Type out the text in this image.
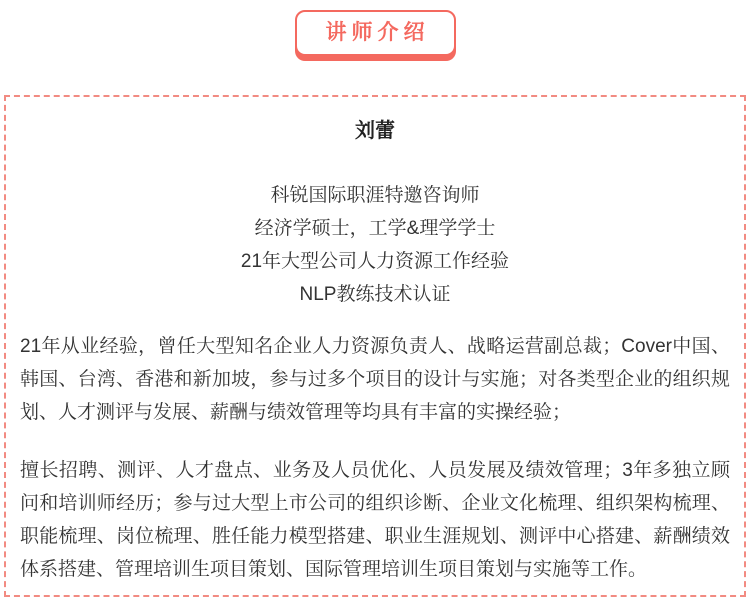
讲师介绍
刘蕾
科锐国际职涯特邀咨询师
经济学硕士，工学&理学学士
21年大型公司人力资源工作经验
NLP教练技术认证

21年从业经验，曾任大型知名企业人力资源负责人、战略运营副总裁；Cover中国、韩国、台湾、香港和新加坡，参与过多个项目的设计与实施；对各类型企业的组织规划、人才测评与发展、薪酬与绩效管理等均具有丰富的实操经验；

擅长招聘、测评、人才盘点、业务及人员优化、人员发展及绩效管理；3年多独立顾问和培训师经历；参与过大型上市公司的组织诊断、企业文化梳理、组织架构梳理、职能梳理、岗位梳理、胜任能力模型搭建、职业生涯规划、测评中心搭建、薪酬绩效体系搭建、管理培训生项目策划、国际管理培训生项目策划与实施等工作。
